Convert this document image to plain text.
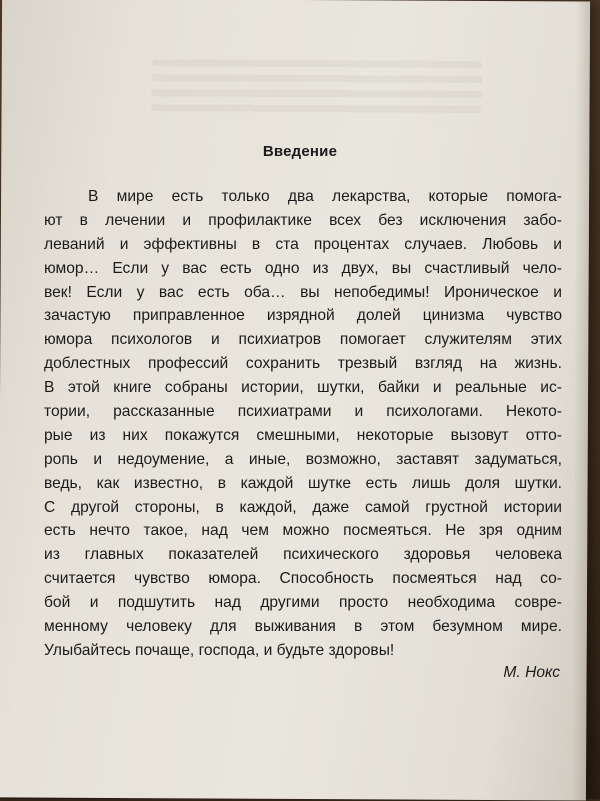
Введение
В мире есть только два лекарства, которые помога-
ют в лечении и профилактике всех без исключения забо-
леваний и эффективны в ста процентах случаев. Любовь и
юмор… Если у вас есть одно из двух, вы счастливый чело-
век! Если у вас есть оба… вы непобедимы! Ироническое и
зачастую приправленное изрядной долей цинизма чувство
юмора психологов и психиатров помогает служителям этих
доблестных профессий сохранить трезвый взгляд на жизнь.
В этой книге собраны истории, шутки, байки и реальные ис-
тории, рассказанные психиатрами и психологами. Некото-
рые из них покажутся смешными, некоторые вызовут отто-
ропь и недоумение, а иные, возможно, заставят задуматься,
ведь, как известно, в каждой шутке есть лишь доля шутки.
С другой стороны, в каждой, даже самой грустной истории
есть нечто такое, над чем можно посмеяться. Не зря одним
из главных показателей психического здоровья человека
считается чувство юмора. Способность посмеяться над со-
бой и подшутить над другими просто необходима совре-
менному человеку для выживания в этом безумном мире.
Улыбайтесь почаще, господа, и будьте здоровы!
М. Нокс
